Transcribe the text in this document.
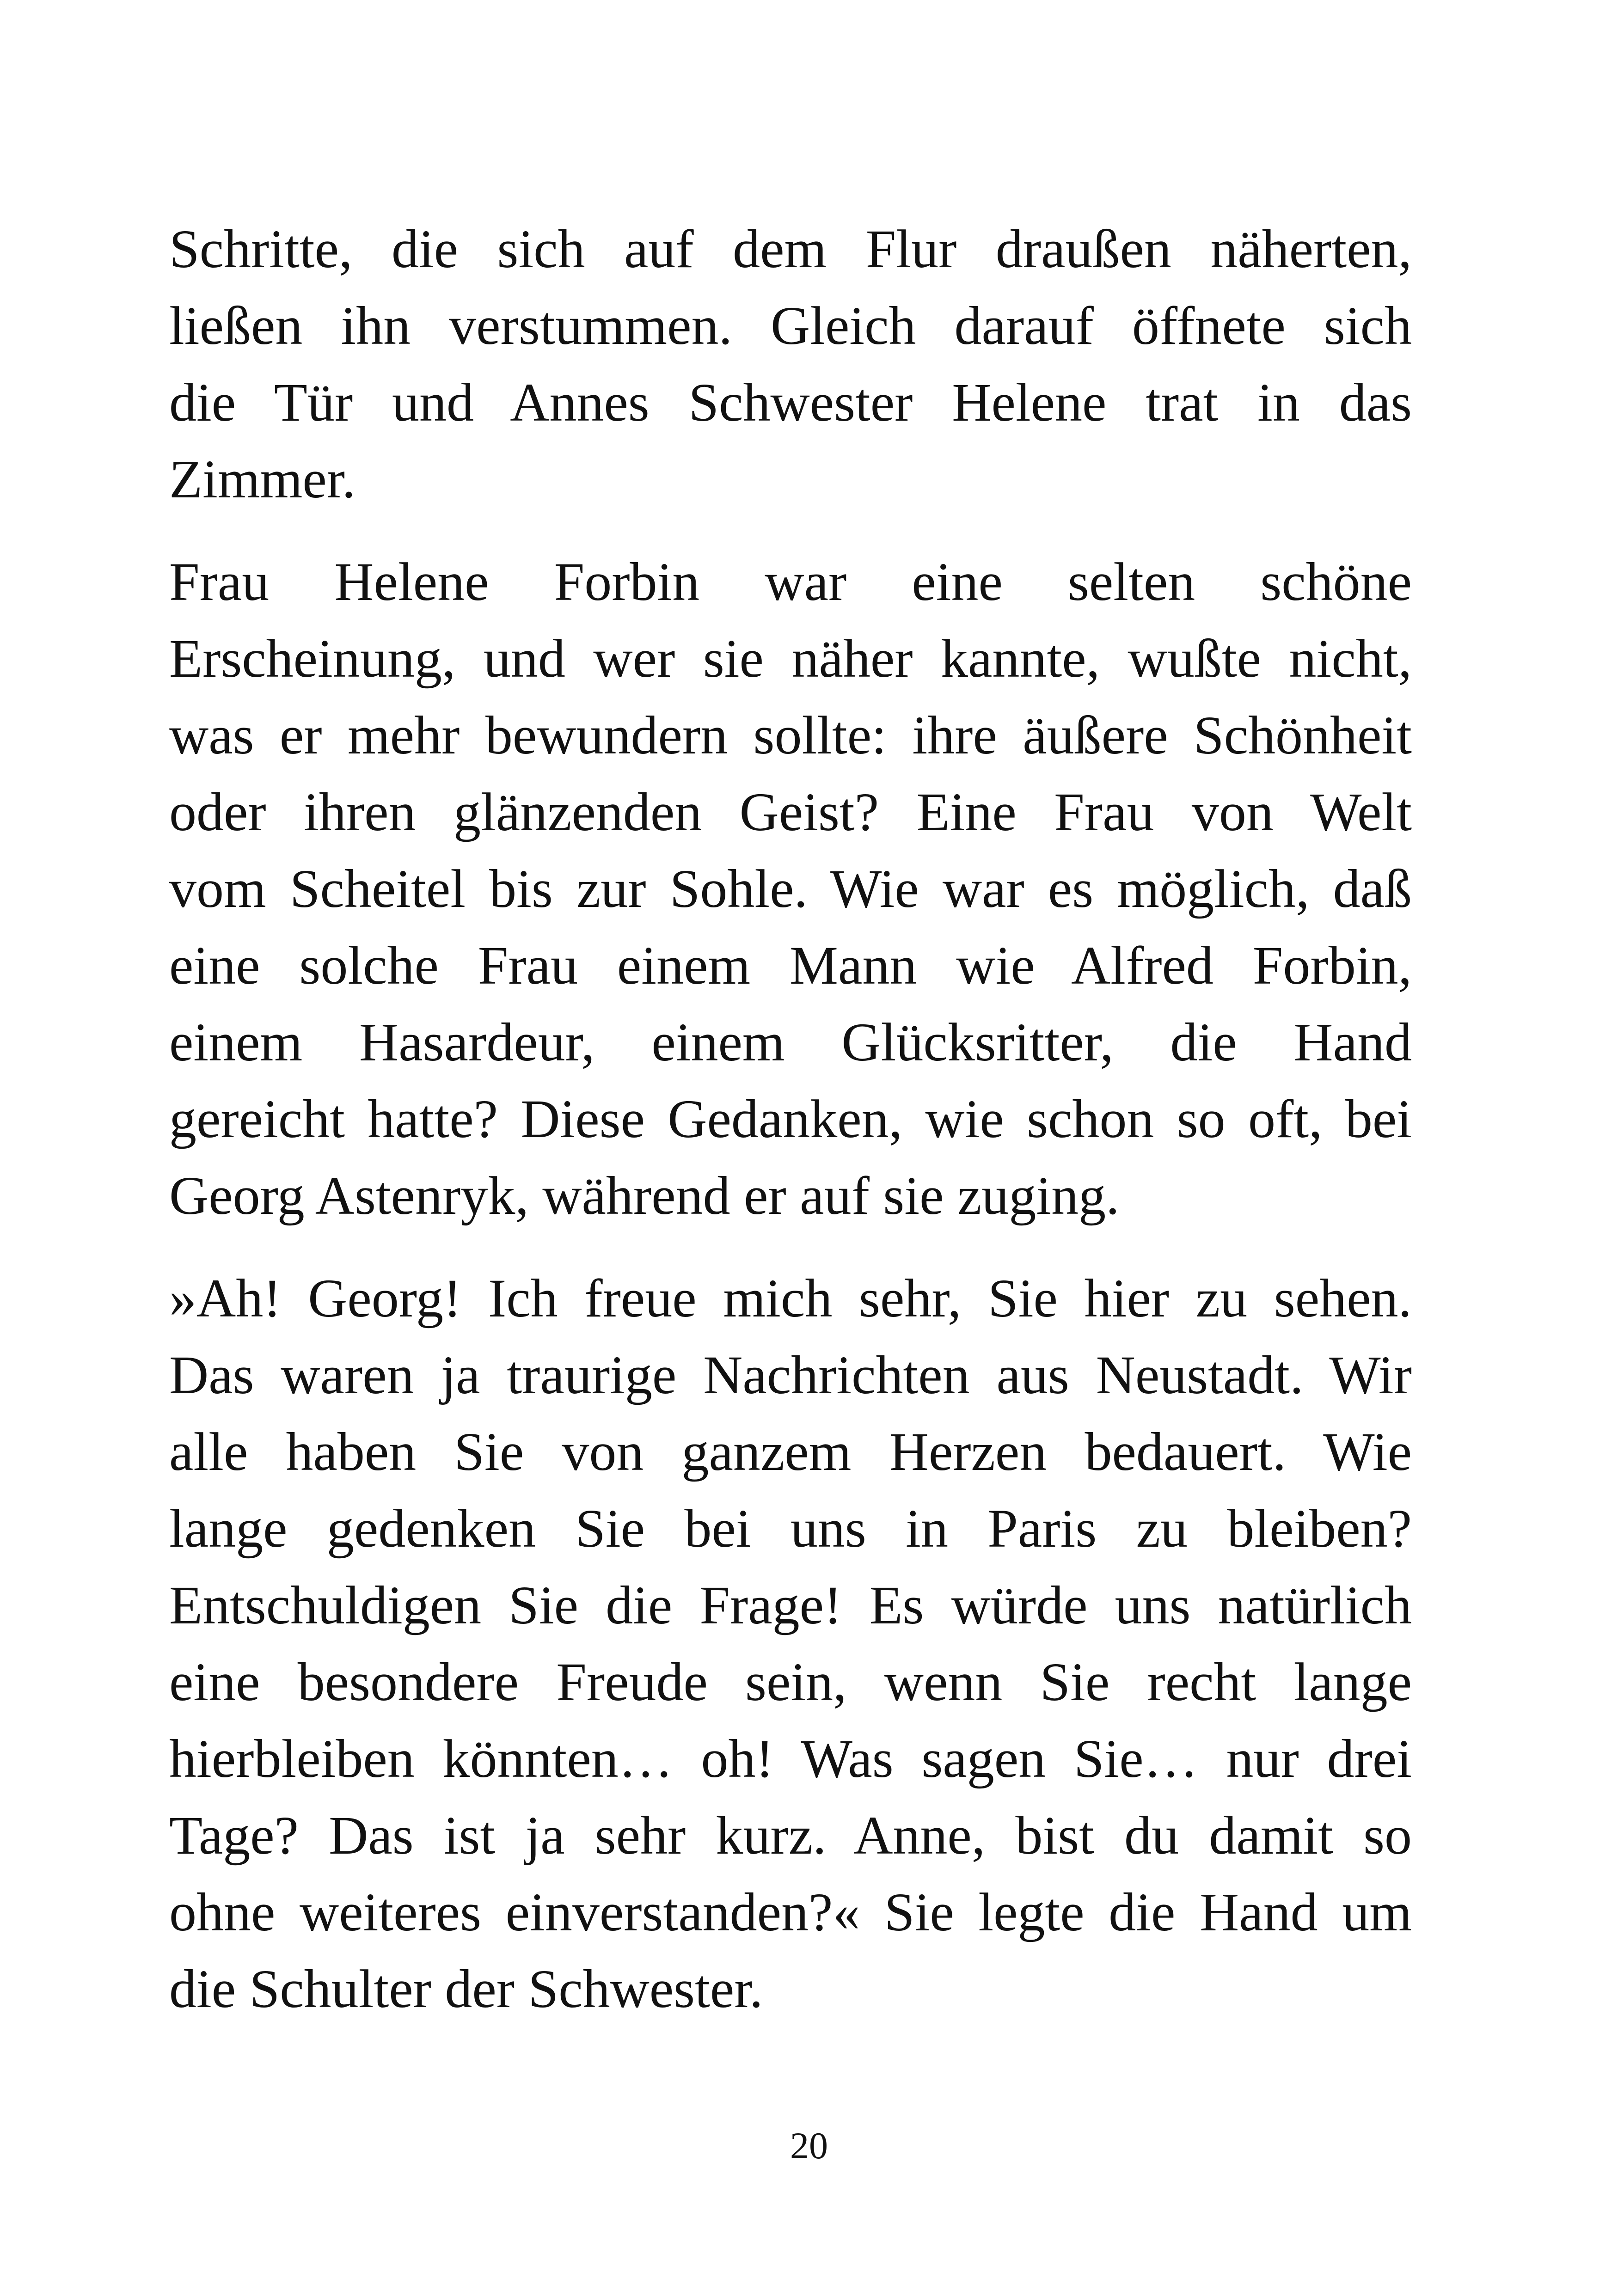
Schritte, die sich auf dem Flur draußen näherten,
ließen ihn verstummen. Gleich darauf öffnete sich
die Tür und Annes Schwester Helene trat in das
Zimmer.

Frau Helene Forbin war eine selten schöne
Erscheinung, und wer sie näher kannte, wußte nicht,
was er mehr bewundern sollte: ihre äußere Schönheit
oder ihren glänzenden Geist? Eine Frau von Welt
vom Scheitel bis zur Sohle. Wie war es möglich, daß
eine solche Frau einem Mann wie Alfred Forbin,
einem Hasardeur, einem Glücksritter, die Hand
gereicht hatte? Diese Gedanken, wie schon so oft, bei
Georg Astenryk, während er auf sie zuging.

»Ah! Georg! Ich freue mich sehr, Sie hier zu sehen.
Das waren ja traurige Nachrichten aus Neustadt. Wir
alle haben Sie von ganzem Herzen bedauert. Wie
lange gedenken Sie bei uns in Paris zu bleiben?
Entschuldigen Sie die Frage! Es würde uns natürlich
eine besondere Freude sein, wenn Sie recht lange
hierbleiben könnten… oh! Was sagen Sie… nur drei
Tage? Das ist ja sehr kurz. Anne, bist du damit so
ohne weiteres einverstanden?« Sie legte die Hand um
die Schulter der Schwester.

20
